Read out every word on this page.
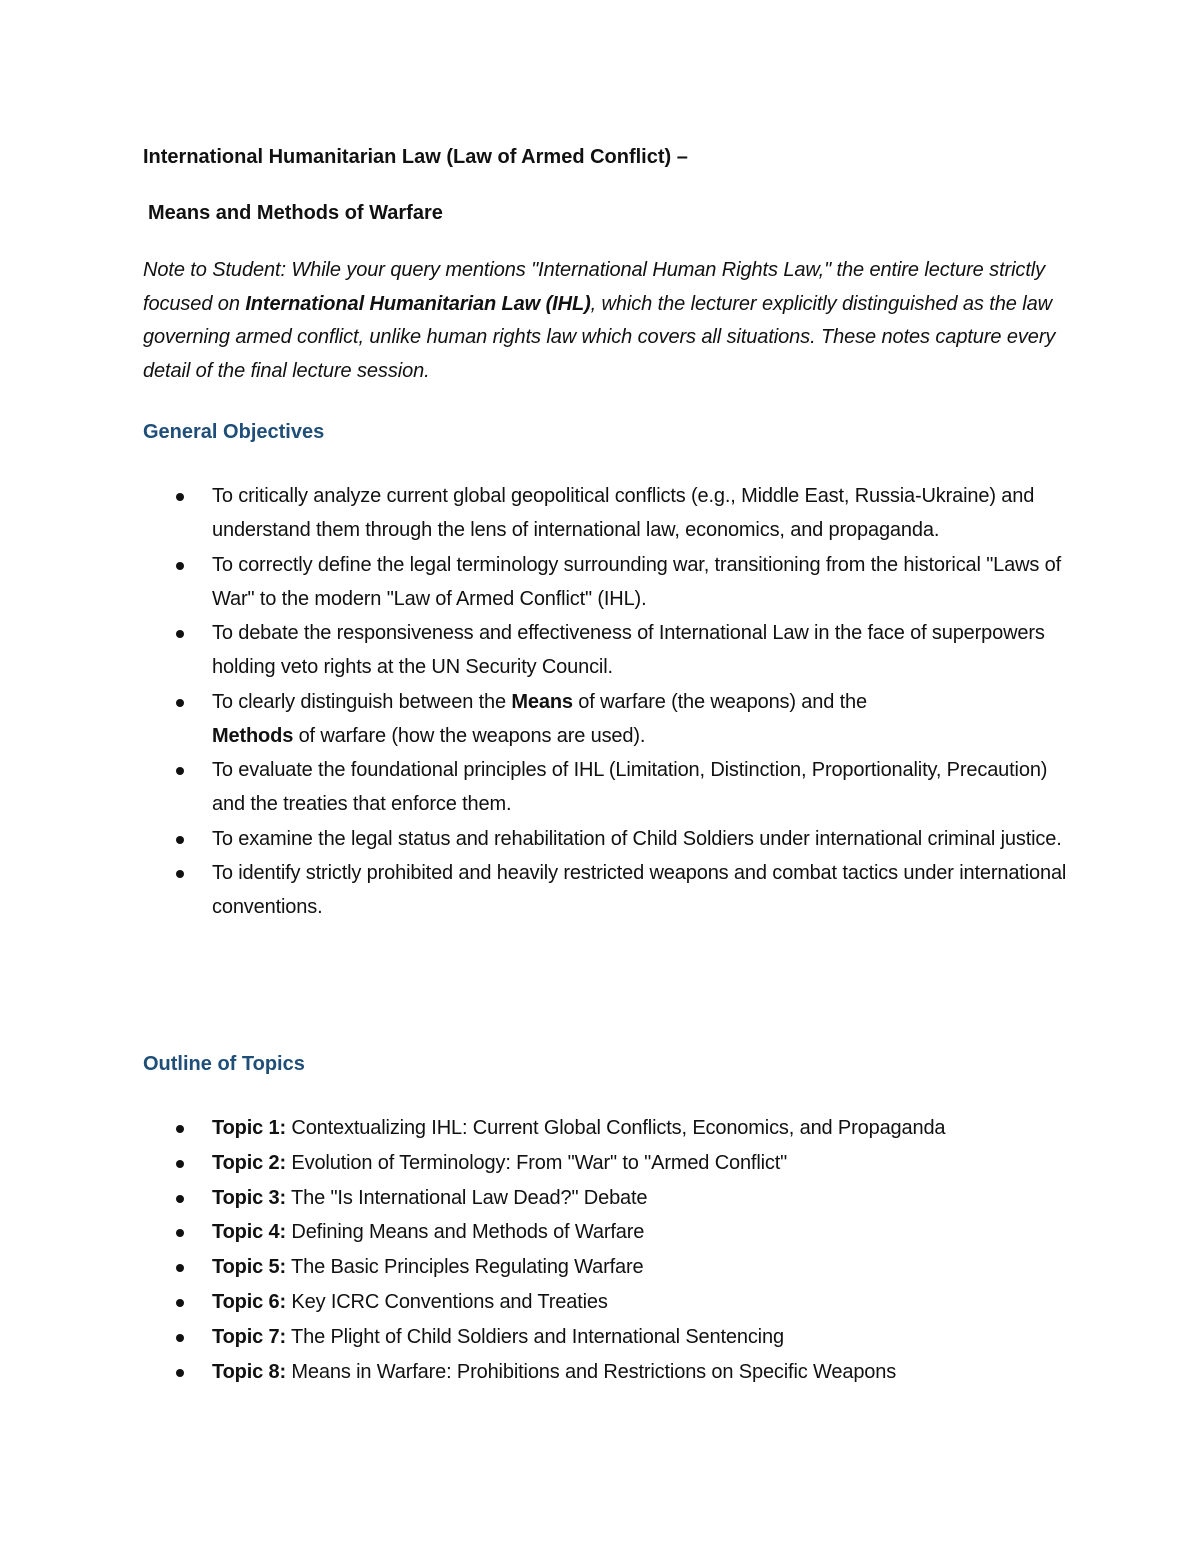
International Humanitarian Law (Law of Armed Conflict) –
Means and Methods of Warfare
Note to Student: While your query mentions "International Human Rights Law," the entire lecture strictly focused on International Humanitarian Law (IHL), which the lecturer explicitly distinguished as the law governing armed conflict, unlike human rights law which covers all situations. These notes capture every detail of the final lecture session.
General Objectives
To critically analyze current global geopolitical conflicts (e.g., Middle East, Russia-Ukraine) and understand them through the lens of international law, economics, and propaganda.
To correctly define the legal terminology surrounding war, transitioning from the historical "Laws of War" to the modern "Law of Armed Conflict" (IHL).
To debate the responsiveness and effectiveness of International Law in the face of superpowers holding veto rights at the UN Security Council.
To clearly distinguish between the Means of warfare (the weapons) and the
Methods of warfare (how the weapons are used).
To evaluate the foundational principles of IHL (Limitation, Distinction, Proportionality, Precaution) and the treaties that enforce them.
To examine the legal status and rehabilitation of Child Soldiers under international criminal justice.
To identify strictly prohibited and heavily restricted weapons and combat tactics under international conventions.
Outline of Topics
Topic 1: Contextualizing IHL: Current Global Conflicts, Economics, and Propaganda
Topic 2: Evolution of Terminology: From "War" to "Armed Conflict"
Topic 3: The "Is International Law Dead?" Debate
Topic 4: Defining Means and Methods of Warfare
Topic 5: The Basic Principles Regulating Warfare
Topic 6: Key ICRC Conventions and Treaties
Topic 7: The Plight of Child Soldiers and International Sentencing
Topic 8: Means in Warfare: Prohibitions and Restrictions on Specific Weapons
